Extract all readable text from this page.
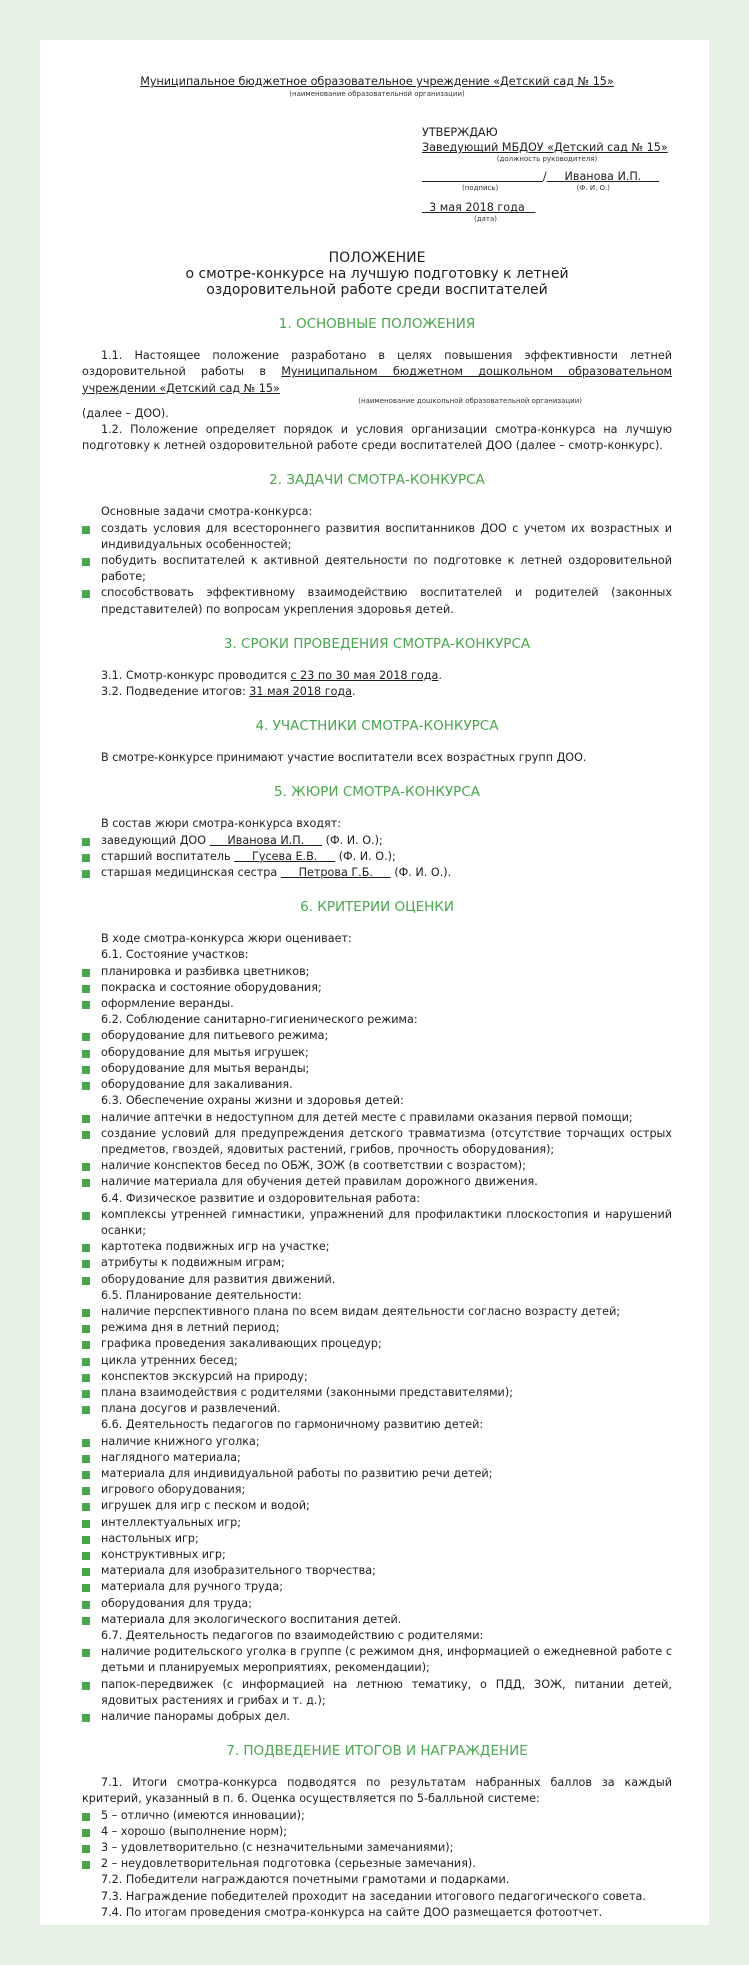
Муниципальное бюджетное образовательное учреждение «Детский сад № 15»
(наименование образовательной организации)
УТВЕРЖДАЮ
Заведующий МБДОУ «Детский сад № 15»
(должность руководителя)
/ Иванова И.П.
(подпись)	(Ф. И. О.)
3 мая 2018 года
(дата)
ПОЛОЖЕНИЕ
о смотре-конкурсе на лучшую подготовку к летней
оздоровительной работе среди воспитателей
1. ОСНОВНЫЕ ПОЛОЖЕНИЯ

1.1. Настоящее положение разработано в целях повышения эффективности летней оздоровительной работы в Муниципальном бюджетном дошкольном образовательном учреждении «Детский сад № 15»

(наименование дошкольной образовательной организации)

(далее – ДОО).

1.2. Положение определяет порядок и условия организации смотра-конкурса на лучшую подготовку к летней оздоровительной работе среди воспитателей ДОО (далее – смотр-конкурс).

2. ЗАДАЧИ СМОТРА-КОНКУРСА

Основные задачи смотра-конкурса:

создать условия для всестороннего развития воспитанников ДОО с учетом их возрастных и индивидуальных особенностей;
побудить воспитателей к активной деятельности по подготовке к летней оздоровительной работе;
способствовать эффективному взаимодействию воспитателей и родителей (законных представителей) по вопросам укрепления здоровья детей.
3. СРОКИ ПРОВЕДЕНИЯ СМОТРА-КОНКУРСА

3.1. Смотр-конкурс проводится с 23 по 30 мая 2018 года.

3.2. Подведение итогов: 31 мая 2018 года.

4. УЧАСТНИКИ СМОТРА-КОНКУРСА

В смотре-конкурсе принимают участие воспитатели всех возрастных групп ДОО.

5. ЖЮРИ СМОТРА-КОНКУРСА

В состав жюри смотра-конкурса входят:

заведующий ДОО Иванова И.П. (Ф. И. О.);
старший воспитатель Гусева Е.В. (Ф. И. О.);
старшая медицинская сестра Петрова Г.Б. (Ф. И. О.).
6. КРИТЕРИИ ОЦЕНКИ

В ходе смотра-конкурса жюри оценивает:

6.1. Состояние участков:

планировка и разбивка цветников;
покраска и состояние оборудования;
оформление веранды.

6.2. Соблюдение санитарно-гигиенического режима:

оборудование для питьевого режима;
оборудование для мытья игрушек;
оборудование для мытья веранды;
оборудование для закаливания.

6.3. Обеспечение охраны жизни и здоровья детей:

наличие аптечки в недоступном для детей месте с правилами оказания первой помощи;
создание условий для предупреждения детского травматизма (отсутствие торчащих острых предметов, гвоздей, ядовитых растений, грибов, прочность оборудования);
наличие конспектов бесед по ОБЖ, ЗОЖ (в соответствии с возрастом);
наличие материала для обучения детей правилам дорожного движения.

6.4. Физическое развитие и оздоровительная работа:

комплексы утренней гимнастики, упражнений для профилактики плоскостопия и нарушений осанки;
картотека подвижных игр на участке;
атрибуты к подвижным играм;
оборудование для развития движений.

6.5. Планирование деятельности:

наличие перспективного плана по всем видам деятельности согласно возрасту детей;
режима дня в летний период;
графика проведения закаливающих процедур;
цикла утренних бесед;
конспектов экскурсий на природу;
плана взаимодействия с родителями (законными представителями);
плана досугов и развлечений.

6.6. Деятельность педагогов по гармоничному развитию детей:

наличие книжного уголка;
наглядного материала;
материала для индивидуальной работы по развитию речи детей;
игрового оборудования;
игрушек для игр с песком и водой;
интеллектуальных игр;
настольных игр;
конструктивных игр;
материала для изобразительного творчества;
материала для ручного труда;
оборудования для труда;
материала для экологического воспитания детей.

6.7. Деятельность педагогов по взаимодействию с родителями:

наличие родительского уголка в группе (с режимом дня, информацией о ежедневной работе с детьми и планируемых мероприятиях, рекомендации);
папок-передвижек (с информацией на летнюю тематику, о ПДД, ЗОЖ, питании детей, ядовитых растениях и грибах и т. д.);
наличие панорамы добрых дел.
7. ПОДВЕДЕНИЕ ИТОГОВ И НАГРАЖДЕНИЕ

7.1. Итоги смотра-конкурса подводятся по результатам набранных баллов за каждый критерий, указанный в п. 6. Оценка осуществляется по 5-балльной системе:

5 – отлично (имеются инновации);
4 – хорошо (выполнение норм);
3 – удовлетворительно (с незначительными замечаниями);
2 – неудовлетворительная подготовка (серьезные замечания).

7.2. Победители награждаются почетными грамотами и подарками.

7.3. Награждение победителей проходит на заседании итогового педагогического совета.

7.4. По итогам проведения смотра-конкурса на сайте ДОО размещается фотоотчет.
